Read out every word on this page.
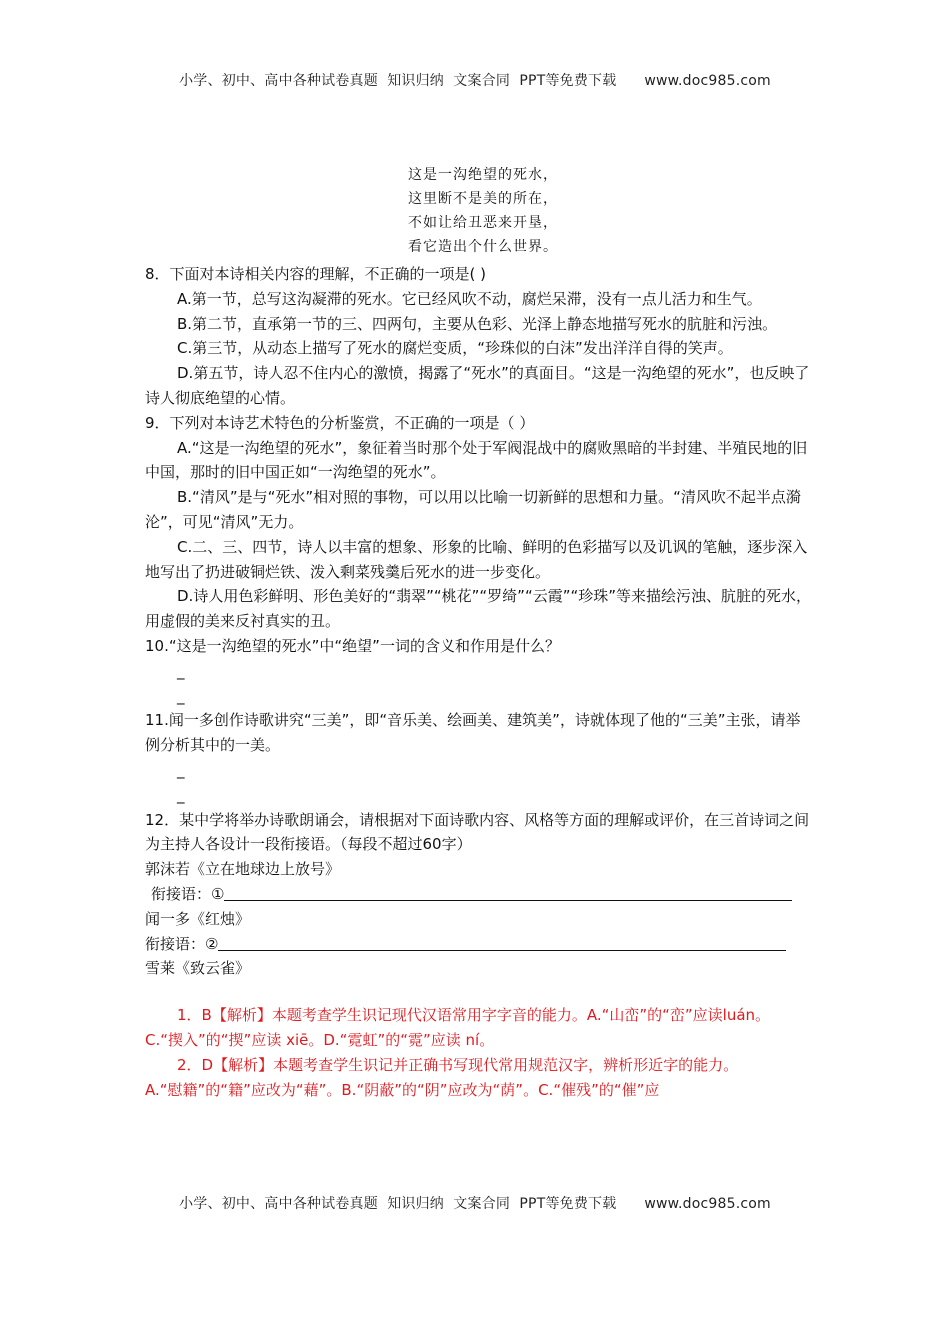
小学、初中、高中各种试卷真题  知识归纳  文案合同  PPT等免费下载      www.doc985.com
这是一沟绝望的死水，
这里断不是美的所在，
不如让给丑恶来开垦，
看它造出个什么世界。

8．下面对本诗相关内容的理解，不正确的一项是( )

A.第一节，总写这沟凝滞的死水。它已经风吹不动，腐烂呆滞，没有一点儿活力和生气。

B.第二节，直承第一节的三、四两句，主要从色彩、光泽上静态地描写死水的肮脏和污浊。

C.第三节，从动态上描写了死水的腐烂变质，“珍珠似的白沫”发出洋洋自得的笑声。

D.第五节，诗人忍不住内心的激愤，揭露了“死水”的真面目。“这是一沟绝望的死水”，也反映了诗人彻底绝望的心情。

9．下列对本诗艺术特色的分析鉴赏，不正确的一项是（ ）

A.“这是一沟绝望的死水”，象征着当时那个处于军阀混战中的腐败黑暗的半封建、半殖民地的旧中国，那时的旧中国正如“一沟绝望的死水”。

B.“清风”是与“死水”相对照的事物，可以用以比喻一切新鲜的思想和力量。“清风吹不起半点漪沦”，可见“清风”无力。

C.二、三、四节，诗人以丰富的想象、形象的比喻、鲜明的色彩描写以及讥讽的笔触，逐步深入地写出了扔进破铜烂铁、泼入剩菜残羹后死水的进一步变化。

D.诗人用色彩鲜明、形色美好的“翡翠”“桃花”“罗绮”“云霞”“珍珠”等来描绘污浊、肮脏的死水，用虚假的美来反衬真实的丑。

10.“这是一沟绝望的死水”中“绝望”一词的含义和作用是什么？

_
_

11.闻一多创作诗歌讲究“三美”，即“音乐美、绘画美、建筑美”，诗就体现了他的“三美”主张，请举例分析其中的一美。

_
_

12．某中学将举办诗歌朗诵会，请根据对下面诗歌内容、风格等方面的理解或评价，在三首诗词之间为主持人各设计一段衔接语。（每段不超过60字）

郭沫若《立在地球边上放号》

衔接语：①

闻一多《红烛》

衔接语：②

雪莱《致云雀》

1．B【解析】本题考查学生识记现代汉语常用字字音的能力。A.“山峦”的“峦”应读luán。

C.“揳入”的“揳”应读 xiē。D.“霓虹”的“霓”应读 ní。

2．D【解析】本题考查学生识记并正确书写现代常用规范汉字，辨析形近字的能力。

A.“慰籍”的“籍”应改为“藉”。B.“阴蔽”的“阴”应改为“荫”。C.“催残”的“催”应

小学、初中、高中各种试卷真题  知识归纳  文案合同  PPT等免费下载      www.doc985.com
